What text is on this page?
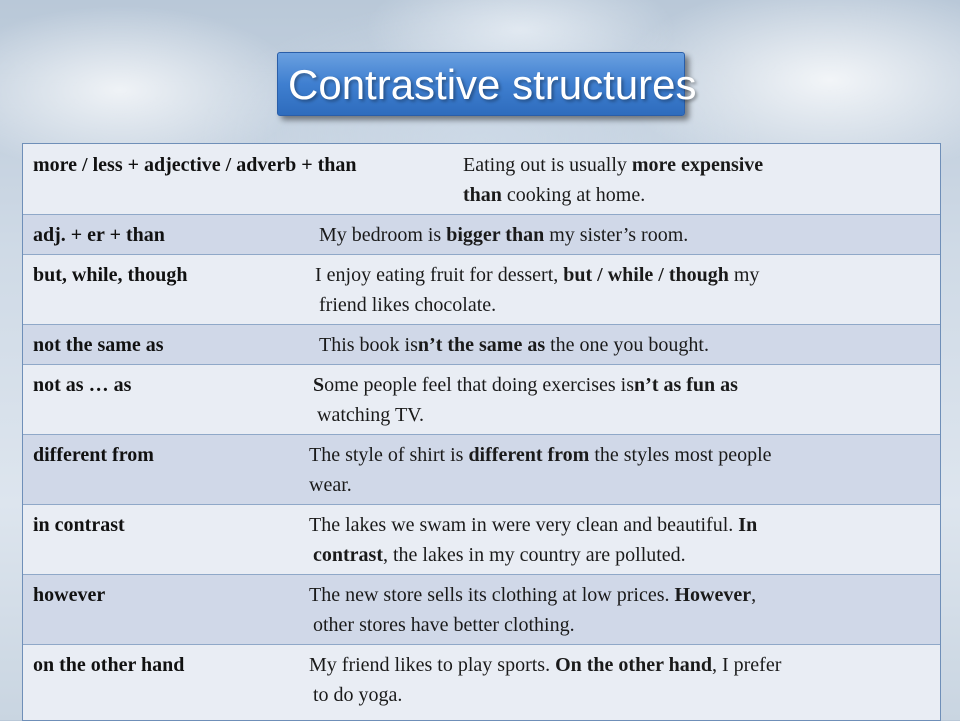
Contrastive structures
more / less + adjective / adverb + than	Eating out is usually more expensive
than cooking at home.
adj. + er + than	My bedroom is bigger than my sister’s room.
but, while, though	I enjoy eating fruit for dessert, but / while / though my
friend likes chocolate.
not the same as	This book isn’t the same as the one you bought.
not as … as	Some people feel that doing exercises isn’t as fun as
watching TV.
different from	The style of shirt is different from the styles most people
wear.
in contrast	The lakes we swam in were very clean and beautiful. In
contrast, the lakes in my country are polluted.
however	The new store sells its clothing at low prices. However,
other stores have better clothing.
on the other hand	My friend likes to play sports. On the other hand, I prefer
to do yoga.
